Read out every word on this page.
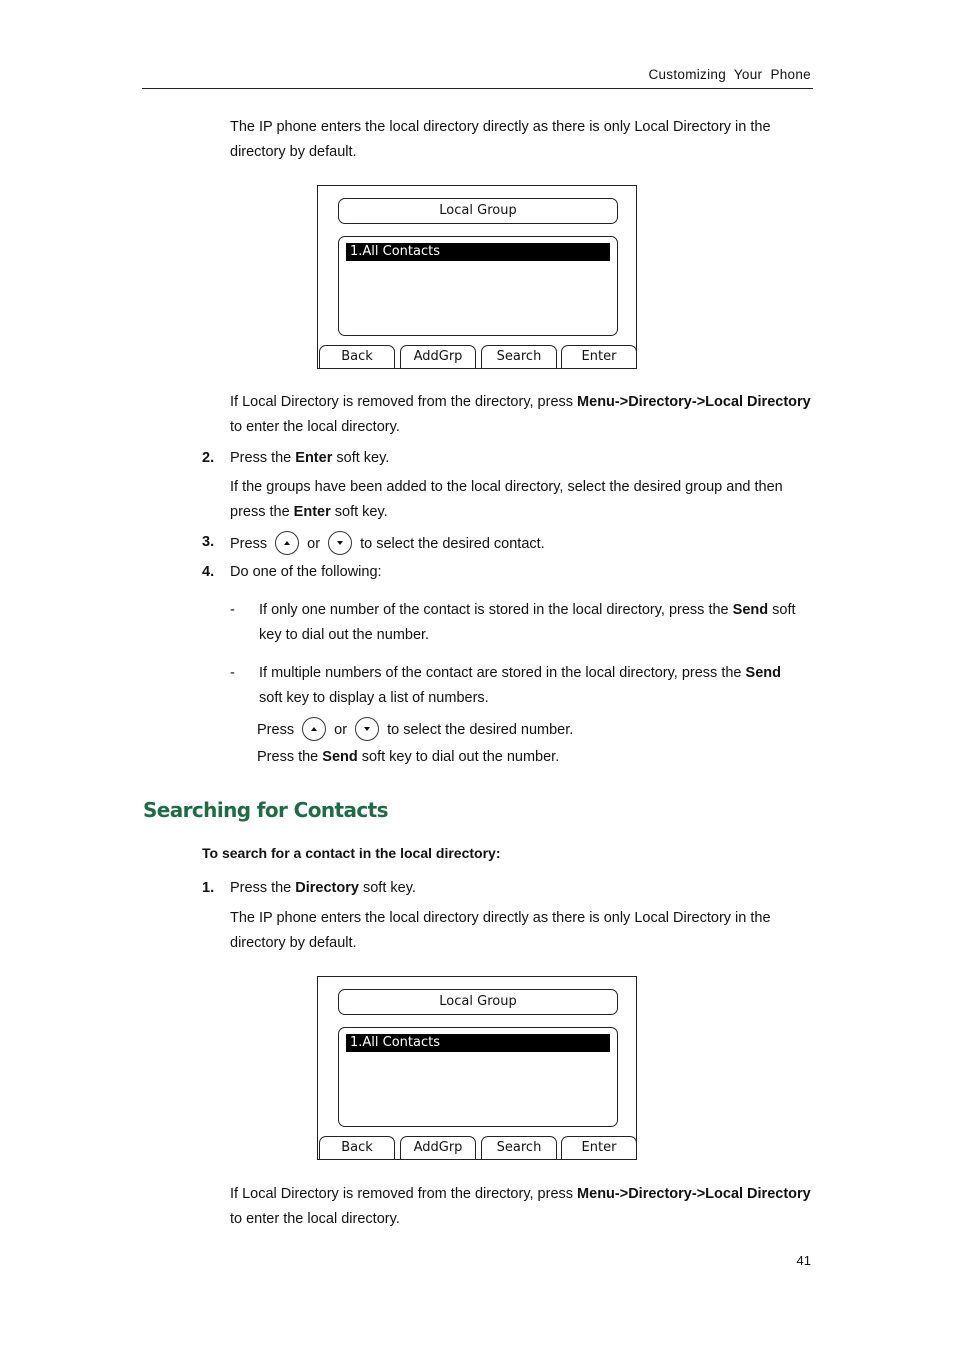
Customizing  Your  Phone
The IP phone enters the local directory directly as there is only Local Directory in the directory by default.
Local Group
1.All Contacts
Back	AddGrp	Search	Enter
If Local Directory is removed from the directory, press Menu->Directory->Local Directory to enter the local directory.
2. Press the Enter soft key.
If the groups have been added to the local directory, select the desired group and then press the Enter soft key.
3. Press	or	to select the desired contact.
4. Do one of the following:
- If only one number of the contact is stored in the local directory, press the Send soft key to dial out the number.
- If multiple numbers of the contact are stored in the local directory, press the Send soft key to display a list of numbers.
Press	or	to select the desired number.
Press the Send soft key to dial out the number.
Searching for Contacts
To search for a contact in the local directory:
1. Press the Directory soft key.
The IP phone enters the local directory directly as there is only Local Directory in the directory by default.
Local Group
1.All Contacts
Back	AddGrp	Search	Enter
If Local Directory is removed from the directory, press Menu->Directory->Local Directory to enter the local directory.
41
